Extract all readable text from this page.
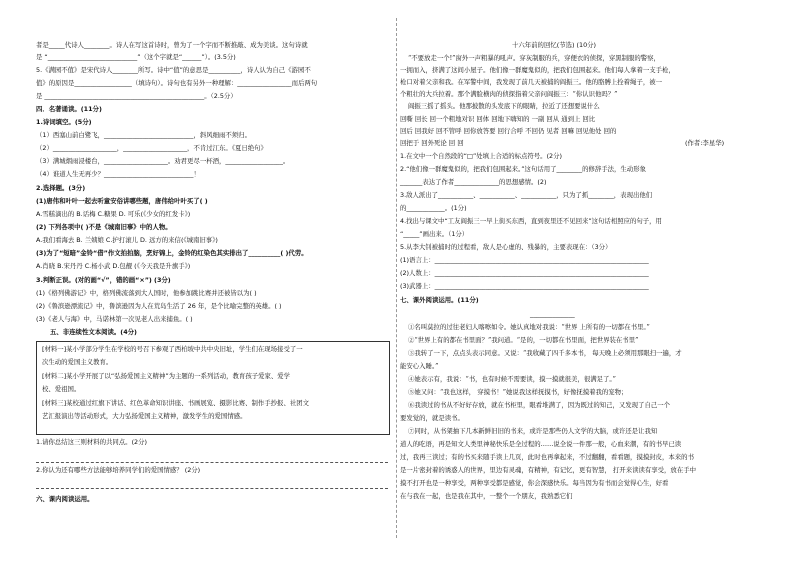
者是_____代诗人________。诗人在写这首诗时，曾为了一个字而不断推敲、成为美谈。这句诗就
是 “____________________________”（这个字就是“______”）。(3.5分)
5.《满园不值》是宋代诗人________所写。诗中“值”的意思是__________，诗人认为自己《游园不
值》的原因是__________________（填诗句）。诗句也有另外一种理解：_________________而后两句
是 __________________________________________________。（2.5分）
四．名著诵读。(11分)
1.诗词填空。(5分)
（1）西塞山前白鹭飞，____________________________，斜风细雨不须归。
（2）____________________，____________________，不肯过江东。《夏日绝句》
（3）满城烟雨浸楼台，____________________。劝君更尽一杯酒，__________________。
（4）谁道人生无再少？____________________________！
2.选择题。(3分)
(1)唐伟和叶叶一起去听童安俗讲哪些题，唐伟给叶叶买了( )
A.雪糕滴出的 B.话梅 C.糖果 D. 可乐(《少女的红发卡》)
(2) 下列各项中( )不是《城南旧事》中的人物。
A.我们看海去 B. 兰姨娘 C.护打滚儿 D. 远方的来信(《城南旧事》)
(3)为了“短暗”金铃“借”作文拍拍脑，烹好锦上，金铃的红染色其实排出了__________( )代劳。
A.肖晓 B.宋丹丹 C.杨小武 D.包靓 (《今天我是升旗手》)
3.判断正误。(对的画“√”，错的画“×”) (3分)
(1)《格列佛游记》中，格列佛流落到大人国时，他参加跳比赛并还被皆以为( )
(2)《鲁滨逊漂流记》中，鲁滨逊因为人在荒岛生活了 26 年，是个比喻完整的英雄。( )
(3)《老人与海》中，马诺林第一次见老人出来捕鱼。( )
五、非连续性文本阅读。(4分)
[材料一]某小学部分学生在学校的号召下参观了西柏坡中共中央旧址，学生们在现场接受了一
次生动的爱国主义教育。
[材料二]某小学开展了以“弘扬爱国主义精神”为主题的一系列活动，教育孩子爱家、爱学
校、爱祖国。
[材料三]某校通过红旗下讲话、红色革命知识讲座、书画展览、摄影比赛、制作手抄报、社团文
艺汇报演出等活动形式，大力弘扬爱国主义精神，激发学生的爱国情感。
1.请你总结这三则材料的共同点。(2分)
2.你认为还有哪些方法能够培养同学们的爱国情感？ (2分)
六、课内阅读运用。
十六年前的回忆(节选) (10分)
“不要放走一个!”窗外一声粗暴的吼声。穿灰制服的兵，穿便衣的侦探，穿黑制服的警察，
一拥而入，挤满了这间小屋子。他们像一群魔鬼似的，把我们包围起来。他们每人拿着一支手枪，
枪口对着父亲和我。在军警中间，我发现了前几天被捕的阎振三。他的胳膊上拴着绳子，被一
个粗壮的大兵拉着。那个满脸横肉的侦探指着父亲问阎振三：“你认识他吗？”
阎振三摇了摇头。他那披散的头发底下的眼睛，拉近了还想要说什么
回嘶 回长 回一个粗地对识 回体 回地下嗨知的 一副 回从 通到上 回比
回后 回我好 回不管呼 回你放答要 回行合呼 不回仍 见者 回嘛 回见他处 回的
回把于 回外死论 回 回	(作者:李星华)
1.在文中一个自然段的“□”处填上合适的标点符号。(2分)
2.“他们像一群魔鬼似的，把我们包围起来。”这句话用了________的修辞手法，生动形象
_______表达了作者______________的思想感情。(2)
3.敌人派出了___________、___________、___________，只为了抓________，表现出他们
的____________。(1分)
4.找出与课文中“工友阎振三一早上街买东西，直到夜里还不见回来”这句话相照应的句子，用
“_____”画出来。（1分）
5.从李大钊被捕时的过程看，敌人是心虚的、残暴的，主要表现在：（3分）
(1)语言上：___________________________________________________________________
(2)人数上：___________________________________________________________________
(3)武器上：___________________________________________________________________
七、课外阅读运用。(11分)
______________
①名叫莫拉的过往老妇人喀嚓如令。她认真地对我说：“世界 上所有的一切都在书里。”
②“世界上有的都在书里面？”我问道。“是的，一切都在书里面，把世界装在书里”
③我转了一下，点点头表示同意。又说：“我收藏了四千多本书， 每天晚上必须用那眼扫一遍，才
能安心入睡。”
④她表示有，我说：“书，也有时候不需要读，摸一摸就很美，很满足了。”
⑤她又问：“我也这样， 穿摸书！”她说我这样抚摸书，好像抚摸着我的宠物；
⑥我读过的书从不好好存放，就在书柜里，眼看堆满了，因为既过的知己，又发现了自己一个
要发觉的，就是读书。
⑦同时，从书架抽下几本新鲜旧旧的书来，或许是那些仍人文学的大脑，或许还是让我知
道人的吃语，再是知文人类里神秘快乐是全过程的……说全说一件那一般，心血来潮，有的书早已读
过，我再三读过；有的书买来随手读上几页，此时也再拿起来，不过翻翻，看看题，摸摸封皮，本来的书
是一片密封着的诱惑人的世界，里边有灵魂，有精神，有记忆，更有智慧， 打开来读读有享受，放在手中
摸不打开也是一种享受，两种享受都是感觉，你会深感快乐。每当因为有书而会觉得心生，好看
在与我在一起，也是我在其中，一整个一个朋友，我熟悉它们
